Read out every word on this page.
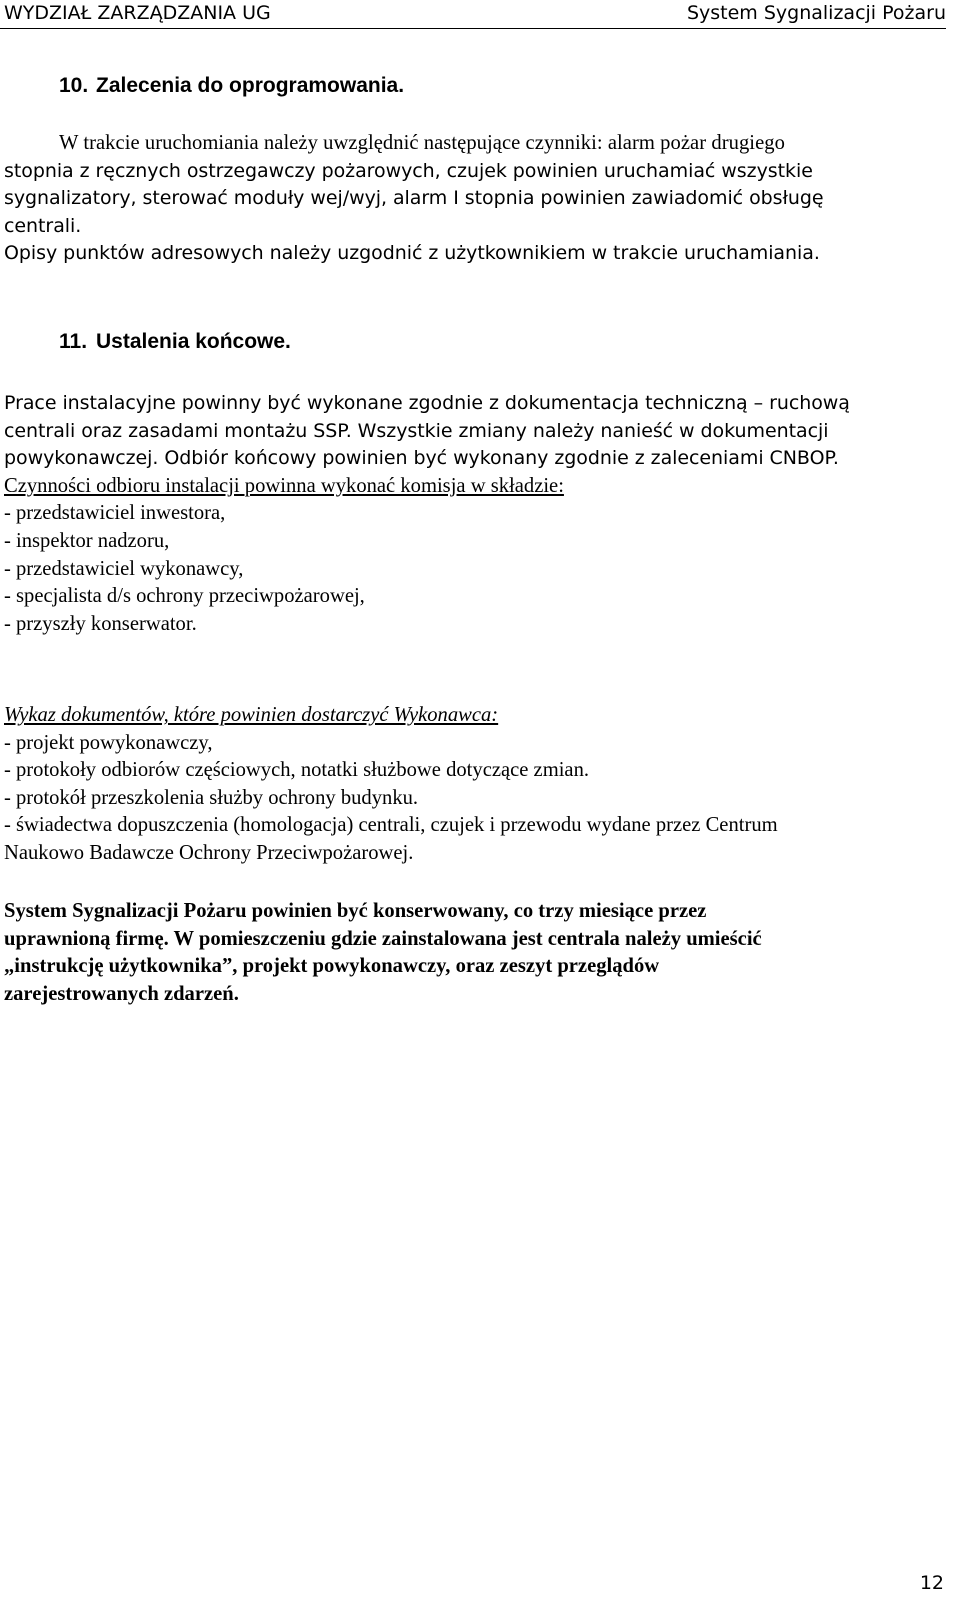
WYDZIAŁ ZARZĄDZANIA UG	System Sygnalizacji Pożaru
10. Zalecenia do oprogramowania.
W trakcie uruchomiania należy uwzględnić następujące czynniki: alarm pożar drugiego
stopnia z ręcznych ostrzegawczy pożarowych, czujek powinien uruchamiać wszystkie
sygnalizatory, sterować moduły wej/wyj, alarm I stopnia powinien zawiadomić obsługę
centrali.
Opisy punktów adresowych należy uzgodnić z użytkownikiem w trakcie uruchamiania.
11. Ustalenia końcowe.
Prace instalacyjne powinny być wykonane zgodnie z dokumentacja techniczną – ruchową
centrali oraz zasadami montażu SSP. Wszystkie zmiany należy nanieść w dokumentacji
powykonawczej. Odbiór końcowy powinien być wykonany zgodnie z zaleceniami CNBOP.
Czynności odbioru instalacji powinna wykonać komisja w składzie:
- przedstawiciel inwestora,
- inspektor nadzoru,
- przedstawiciel wykonawcy,
- specjalista d/s ochrony przeciwpożarowej,
- przyszły konserwator.
Wykaz dokumentów, które powinien dostarczyć Wykonawca:
- projekt powykonawczy,
- protokoły odbiorów częściowych, notatki służbowe dotyczące zmian.
- protokół przeszkolenia służby ochrony budynku.
- świadectwa dopuszczenia (homologacja) centrali, czujek i przewodu wydane przez Centrum
Naukowo Badawcze Ochrony Przeciwpożarowej.
System Sygnalizacji Pożaru powinien być konserwowany, co trzy miesiące przez
uprawnioną firmę. W pomieszczeniu gdzie zainstalowana jest centrala należy umieścić
„instrukcję użytkownika”, projekt powykonawczy, oraz zeszyt przeglądów
zarejestrowanych zdarzeń.
12
